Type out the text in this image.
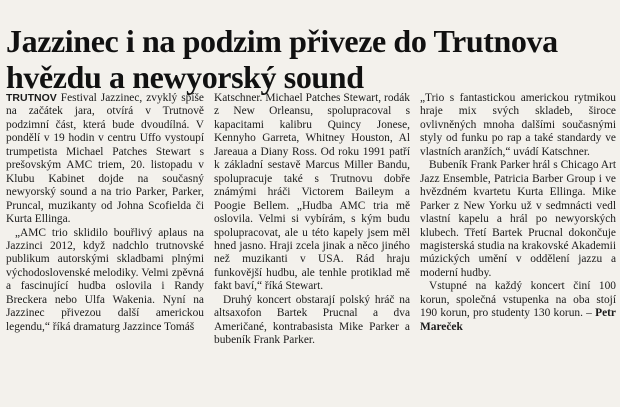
Jazzinec i na podzim přiveze do Trutnova hvězdu a newyorský sound

TRUTNOV Festival Jazzinec, zvyklý spíše na začátek jara, otvírá v Trutnově podzimní část, která bude dvoudílná. V pondělí v 19 hodin v centru Uffo vystoupí trumpetista Michael Patches Stewart s prešovským AMC triem, 20. listopadu v Klubu Kabinet dojde na současný newyorský sound a na trio Parker, Parker, Pruncal, muzikanty od Johna Scofielda či Kurta Ellinga.

„AMC trio sklidilo bouřlivý aplaus na Jazzinci 2012, když nadchlo trutnovské publikum autorskými skladbami plnými východoslovenské melodiky. Velmi zpěvná a fascinující hudba oslovila i Randy Breckera nebo Ulfa Wakenia. Nyní na Jazzinec přivezou další americkou legendu,“ říká dramaturg Jazzince Tomáš

Katschner. Michael Patches Stewart, rodák z New Orleansu, spolupracoval s kapacitami kalibru Quincy Jonese, Kennyho Garreta, Whitney Houston, Al Jareaua a Diany Ross. Od roku 1991 patří k základní sestavě Marcus Miller Bandu, spolupracuje také s Trutnovu dobře známými hráči Victorem Baileym a Poogie Bellem. „Hudba AMC tria mě oslovila. Velmi si vybírám, s kým budu spolupracovat, ale u této kapely jsem měl hned jasno. Hraji zcela jinak a něco jiného než muzikanti v USA. Rád hraju funkovější hudbu, ale tenhle protiklad mě fakt baví,“ říká Stewart.

Druhý koncert obstarají polský hráč na altsaxofon Bartek Prucnal a dva Američané, kontrabasista Mike Parker a bubeník Frank Parker.

„Trio s fantastickou americkou rytmikou hraje mix svých skladeb, široce ovlivněných mnoha dalšími současnými styly od funku po rap a také standardy ve vlastních aranžích,“ uvádí Katschner.

Bubeník Frank Parker hrál s Chicago Art Jazz Ensemble, Patricia Barber Group i ve hvězdném kvartetu Kurta Ellinga. Mike Parker z New Yorku už v sedmnácti vedl vlastní kapelu a hrál po newyorských klubech. Třetí Bartek Prucnal dokončuje magisterská studia na krakovské Akademii múzických umění v oddělení jazzu a moderní hudby.

Vstupné na každý koncert činí 100 korun, společná vstupenka na oba stojí 190 korun, pro studenty 130 korun. – Petr Mareček
